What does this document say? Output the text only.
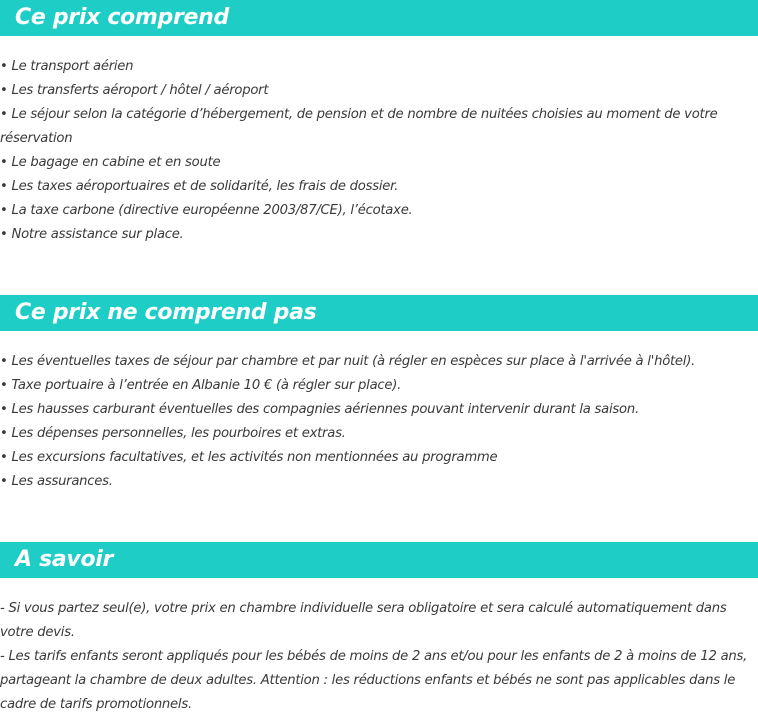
Ce prix comprend

• Le transport aérien

• Les transferts aéroport / hôtel / aéroport

• Le séjour selon la catégorie d’hébergement, de pension et de nombre de nuitées choisies au moment de votre réservation

• Le bagage en cabine et en soute

• Les taxes aéroportuaires et de solidarité, les frais de dossier.

• La taxe carbone (directive européenne 2003/87/CE), l’écotaxe.

• Notre assistance sur place.

Ce prix ne comprend pas

• Les éventuelles taxes de séjour par chambre et par nuit (à régler en espèces sur place à l'arrivée à l'hôtel).

• Taxe portuaire à l’entrée en Albanie 10 € (à régler sur place).

• Les hausses carburant éventuelles des compagnies aériennes pouvant intervenir durant la saison.

• Les dépenses personnelles, les pourboires et extras.

• Les excursions facultatives, et les activités non mentionnées au programme

• Les assurances.

A savoir

- Si vous partez seul(e), votre prix en chambre individuelle sera obligatoire et sera calculé automatiquement dans votre devis.

- Les tarifs enfants seront appliqués pour les bébés de moins de 2 ans et/ou pour les enfants de 2 à moins de 12 ans, partageant la chambre de deux adultes. Attention : les réductions enfants et bébés ne sont pas applicables dans le cadre de tarifs promotionnels.
